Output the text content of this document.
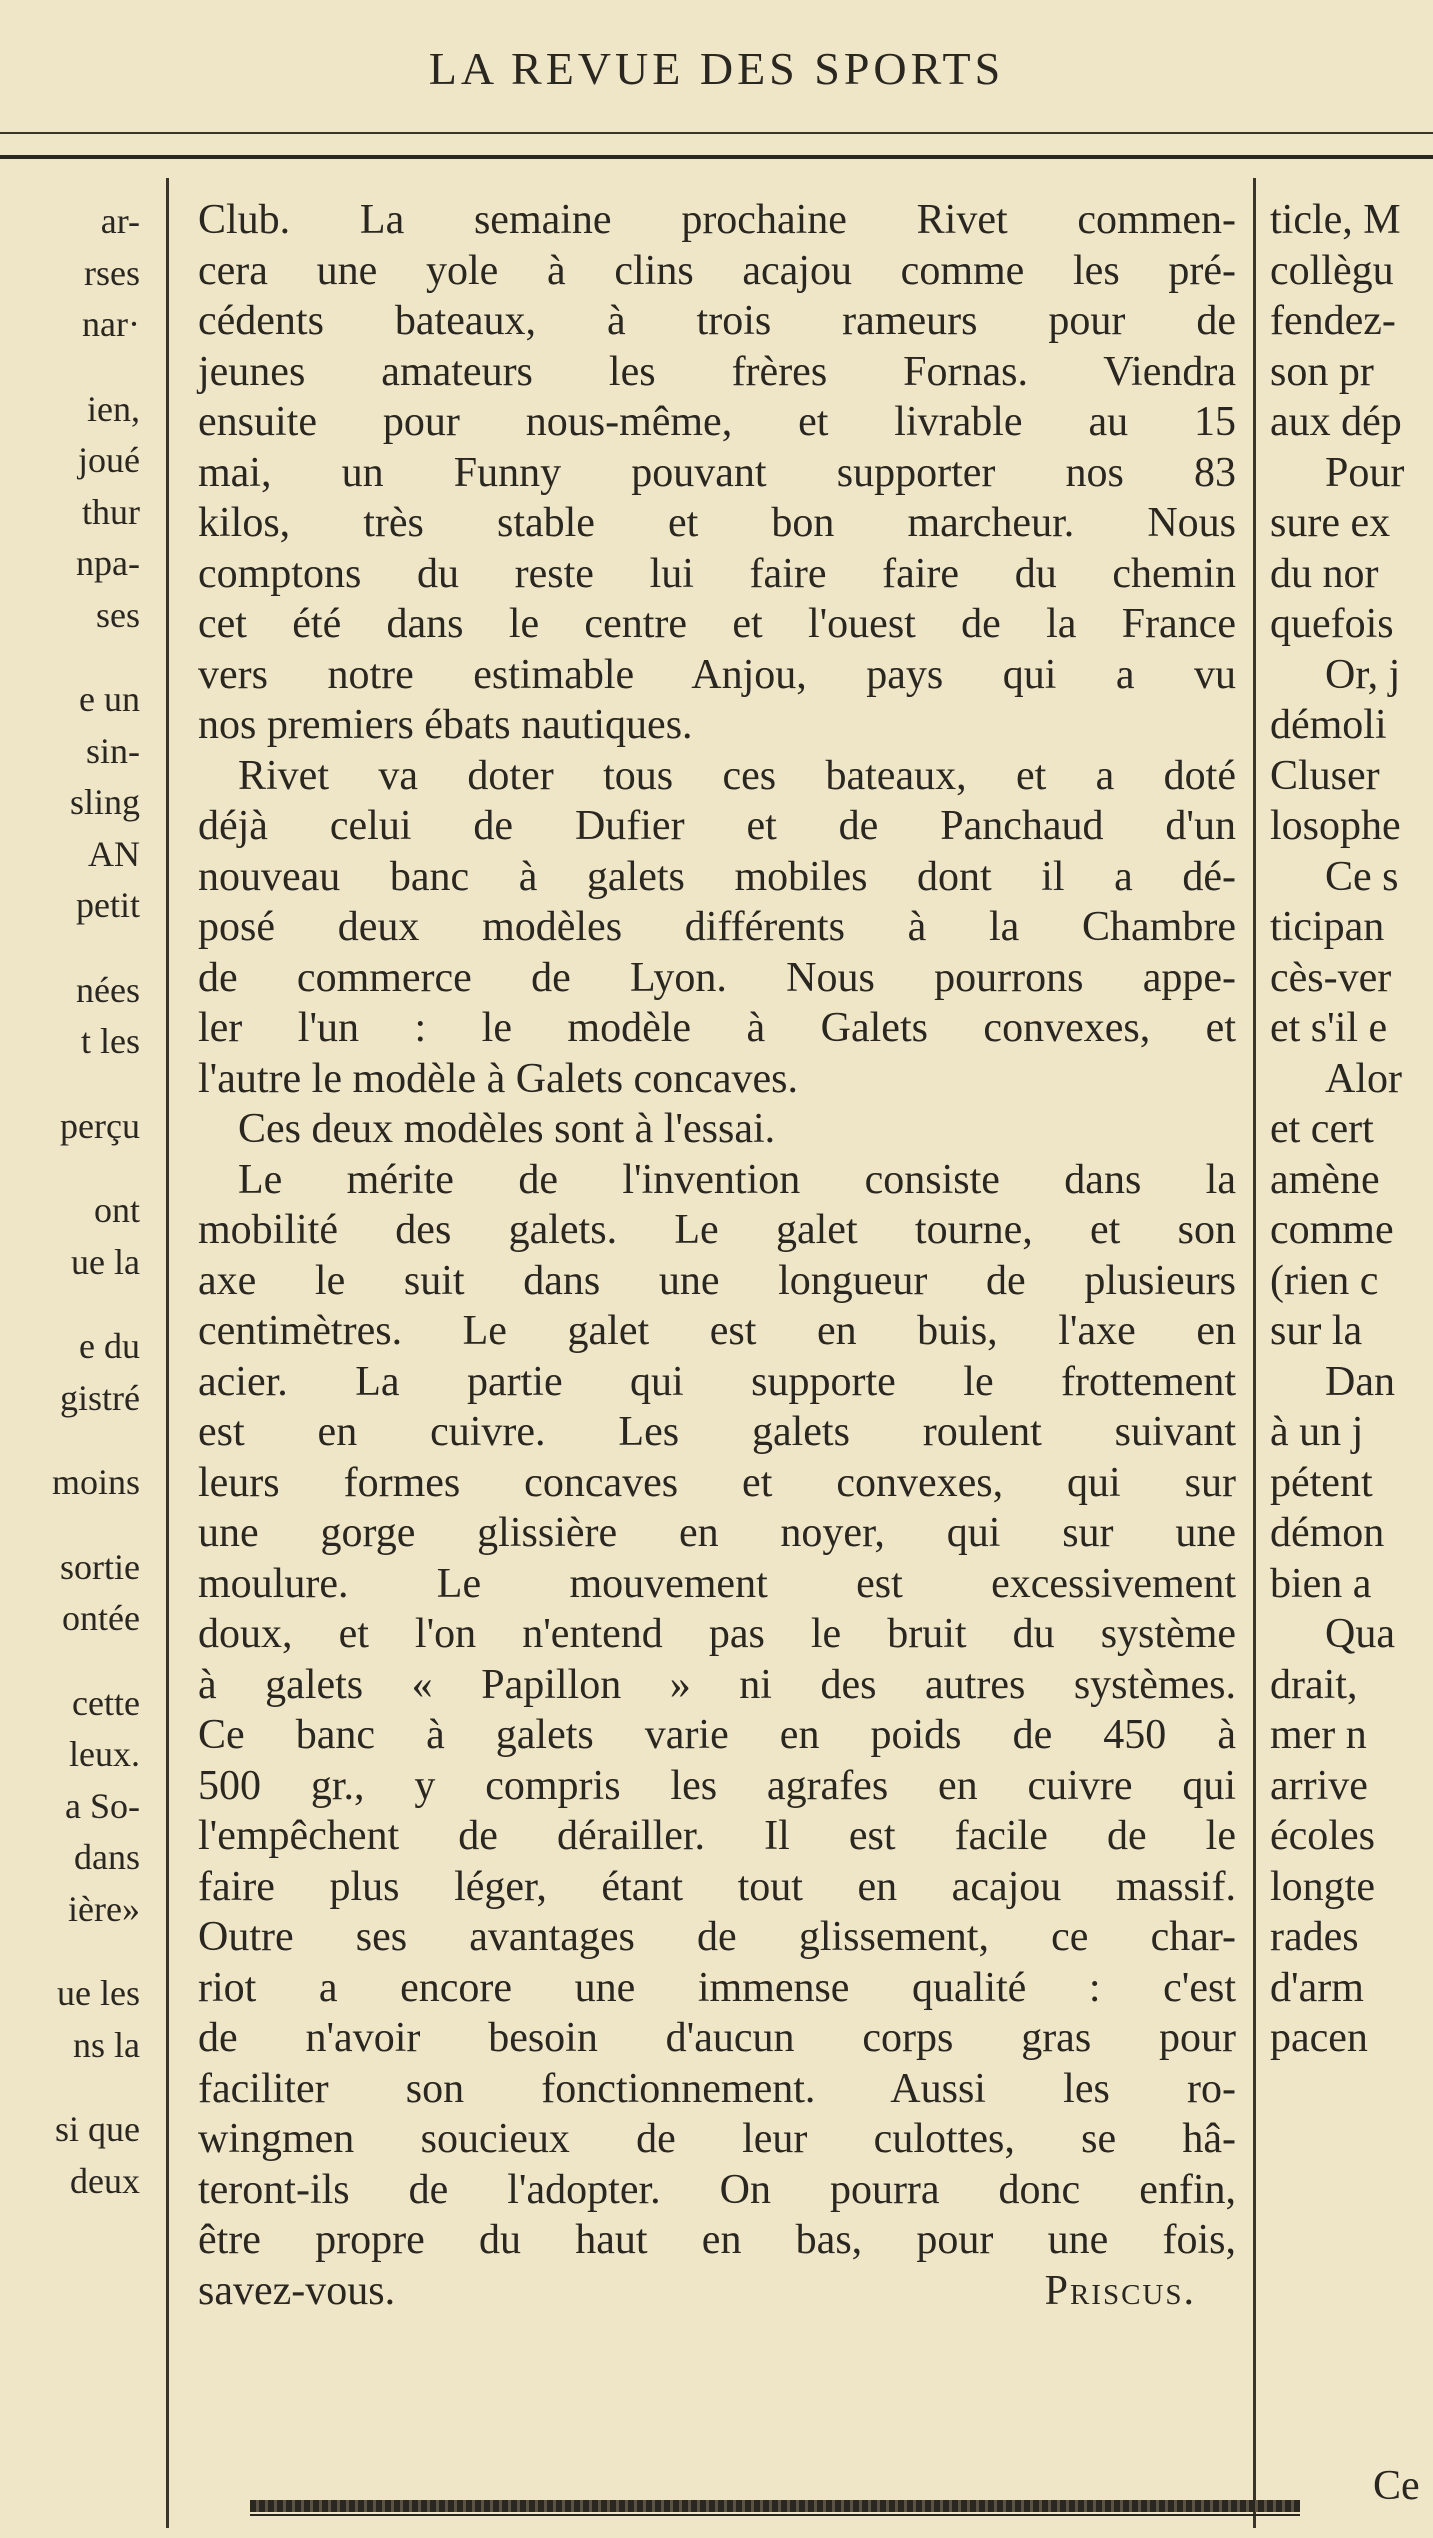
LA REVUE DES SPORTS
ar-
rses
nar·
ien,
joué
thur
npa-
ses
e un
sin-
sling
AN
petit
nées
t les
perçu
ont
ue la
e du
gistré
moins
sortie
ontée
cette
leux.
a So-
dans
ière»
ue les
ns la
si que
deux
Club. La semaine prochaine Rivet commen-
cera une yole à clins acajou comme les pré-
cédents bateaux, à trois rameurs pour de
jeunes amateurs les frères Fornas. Viendra
ensuite pour nous-même, et livrable au 15
mai, un Funny pouvant supporter nos 83
kilos, très stable et bon marcheur. Nous
comptons du reste lui faire faire du chemin
cet été dans le centre et l'ouest de la France
vers notre estimable Anjou, pays qui a vu
nos premiers ébats nautiques.
Rivet va doter tous ces bateaux, et a doté
déjà celui de Dufier et de Panchaud d'un
nouveau banc à galets mobiles dont il a dé-
posé deux modèles différents à la Chambre
de commerce de Lyon. Nous pourrons appe-
ler l'un : le modèle à Galets convexes, et
l'autre le modèle à Galets concaves.
Ces deux modèles sont à l'essai.
Le mérite de l'invention consiste dans la
mobilité des galets. Le galet tourne, et son
axe le suit dans une longueur de plusieurs
centimètres. Le galet est en buis, l'axe en
acier. La partie qui supporte le frottement
est en cuivre. Les galets roulent suivant
leurs formes concaves et convexes, qui sur
une gorge glissière en noyer, qui sur une
moulure. Le mouvement est excessivement
doux, et l'on n'entend pas le bruit du système
à galets « Papillon » ni des autres systèmes.
Ce banc à galets varie en poids de 450 à
500 gr., y compris les agrafes en cuivre qui
l'empêchent de dérailler. Il est facile de le
faire plus léger, étant tout en acajou massif.
Outre ses avantages de glissement, ce char-
riot a encore une immense qualité : c'est
de n'avoir besoin d'aucun corps gras pour
faciliter son fonctionnement. Aussi les ro-
wingmen soucieux de leur culottes, se hâ-
teront-ils de l'adopter. On pourra donc enfin,
être propre du haut en bas, pour une fois,
savez-vous.	Priscus.
ticle, M
collègu
fendez-
son pr
aux dép
Pour
sure ex
du nor
quefois
Or, j
démoli
Cluser
losophe
Ce s
ticipan
cès-ver
et s'il e
Alor
et cert
amène
comme
(rien c
sur la
Dan
à un j
pétent
démon
bien a
Qua
drait,
mer n
arrive
écoles
longte
rades
d'arm
pacen
Ce
